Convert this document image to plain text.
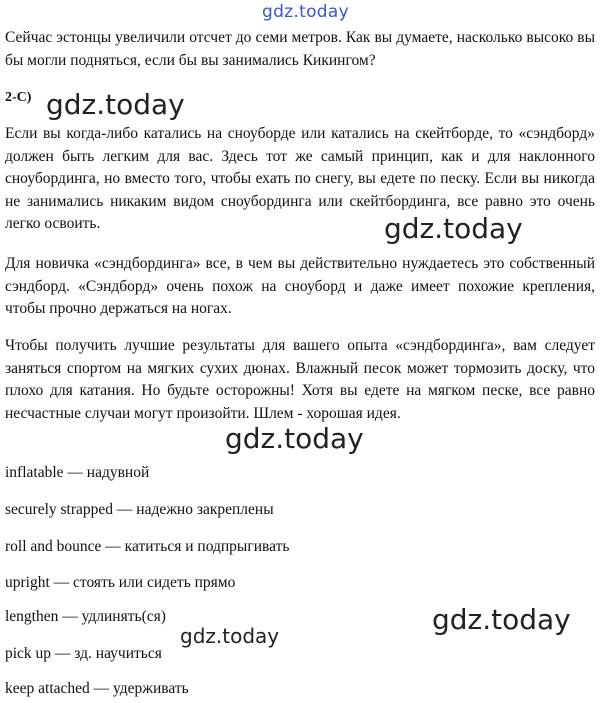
gdz.today

Сейчас эстонцы увеличили отсчет до семи метров. Как вы думаете, насколько высоко вы бы могли подняться, если бы вы занимались Кикингом?

2-C) gdz.today

Если вы когда-либо катались на сноуборде или катались на скейтборде, то «сэндборд» должен быть легким для вас. Здесь тот же самый принцип, как и для наклонного сноубординга, но вместо того, чтобы ехать по снегу, вы едете по песку. Если вы никогда не занимались никаким видом сноубординга или скейтбординга, все равно это очень легко освоить.	gdz.today

Для новичка «сэндбординга» все, в чем вы действительно нуждаетесь это собственный сэндборд. «Сэндборд» очень похож на сноуборд и даже имеет похожие крепления, чтобы прочно держаться на ногах.

Чтобы получить лучшие результаты для вашего опыта «сэндбординга», вам следует заняться спортом на мягких сухих дюнах. Влажный песок может тормозить доску, что плохо для катания. Но будьте осторожны! Хотя вы едете на мягком песке, все равно несчастные случаи могут произойти. Шлем - хорошая идея.

gdz.today

inflatable — надувной

securely strapped — надежно закреплены

roll and bounce — катиться и подпрыгивать

upright — стоять или сидеть прямо

lengthen — удлинять(ся)

pick up — зд. научиться

keep attached — удерживать

gdz.today
gdz.today
